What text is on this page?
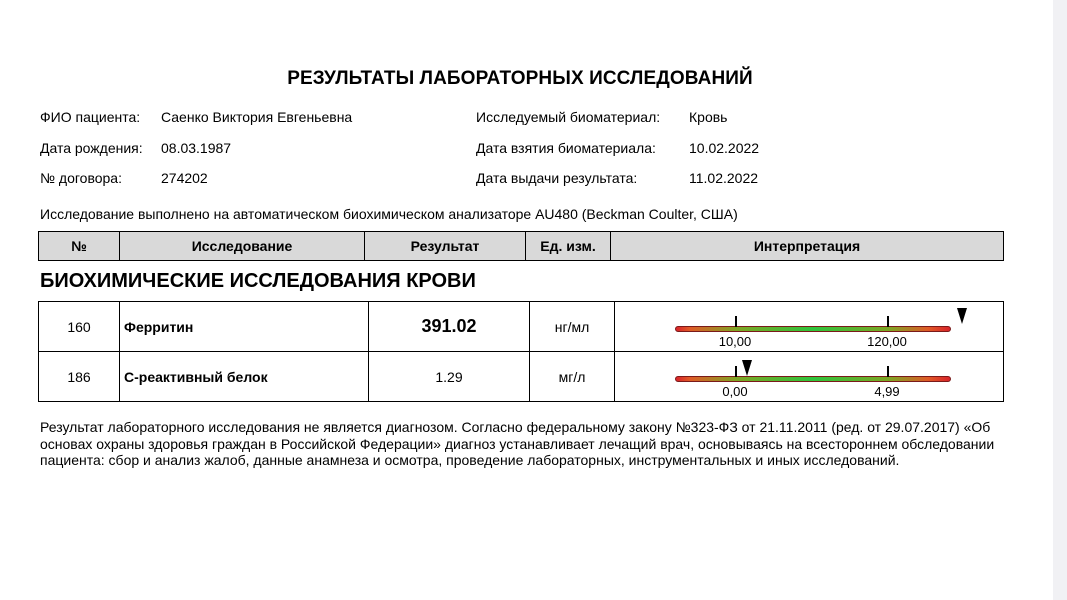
РЕЗУЛЬТАТЫ ЛАБОРАТОРНЫХ ИССЛЕДОВАНИЙ
ФИО пациента: Саенко Виктория Евгеньевна
Дата рождения: 08.03.1987
№ договора:	274202
Исследуемый биоматериал: Кровь
Дата взятия биоматериала: 10.02.2022
Дата выдачи результата:	11.02.2022
Исследование выполнено на автоматическом биохимическом анализаторе AU480 (Beckman Coulter, США)
№	Исследование	Результат	Ед. изм.	Интерпретация
БИОХИМИЧЕСКИЕ ИССЛЕДОВАНИЯ КРОВИ
160	Ферритин	391.02	нг/мл	10,00 120,00

186	С-реактивный белок	1.29	мг/л	0,00 4,99
Результат лабораторного исследования не является диагнозом. Согласно федеральному закону №323-ФЗ от 21.11.2011 (ред. от 29.07.2017) «Об основах охраны здоровья граждан в Российской Федерации» диагноз устанавливает лечащий врач, основываясь на всестороннем обследовании пациента: сбор и анализ жалоб, данные анамнеза и осмотра, проведение лабораторных, инструментальных и иных исследований.
